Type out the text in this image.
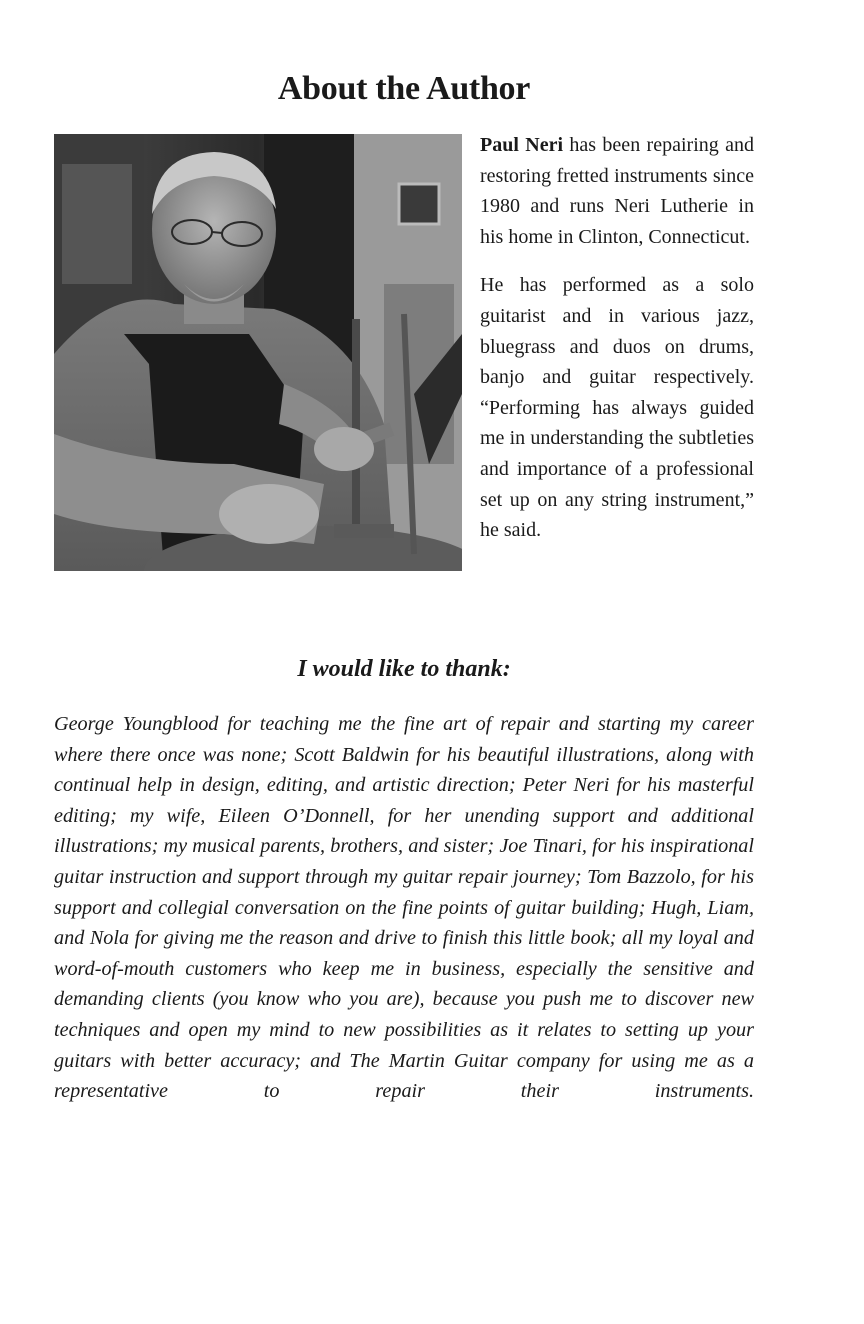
About the Author

Paul Neri has been repairing and restoring fretted instruments since 1980 and runs Neri Lutherie in his home in Clinton, Connecticut.

He has performed as a solo guitarist and in various jazz, bluegrass and duos on drums, banjo and guitar respectively. “Performing has always guided me in understanding the subtleties and importance of a professional set up on any string instrument,” he said.

I would like to thank:

George Youngblood for teaching me the fine art of repair and starting my career where there once was none; Scott Baldwin for his beautiful illustrations, along with continual help in design, editing, and artistic direction; Peter Neri for his masterful editing; my wife, Eileen O’Donnell, for her unending support and additional illustrations; my musical parents, brothers, and sister; Joe Tinari, for his inspirational guitar instruction and support through my guitar repair journey; Tom Bazzolo, for his support and collegial conversation on the fine points of guitar building; Hugh, Liam, and Nola for giving me the reason and drive to finish this little book; all my loyal and word-of-mouth customers who keep me in business, especially the sensitive and demanding clients (you know who you are), because you push me to discover new techniques and open my mind to new possibilities as it relates to setting up your guitars with better accuracy; and The Martin Guitar company for using me as a representative to repair their instruments.
